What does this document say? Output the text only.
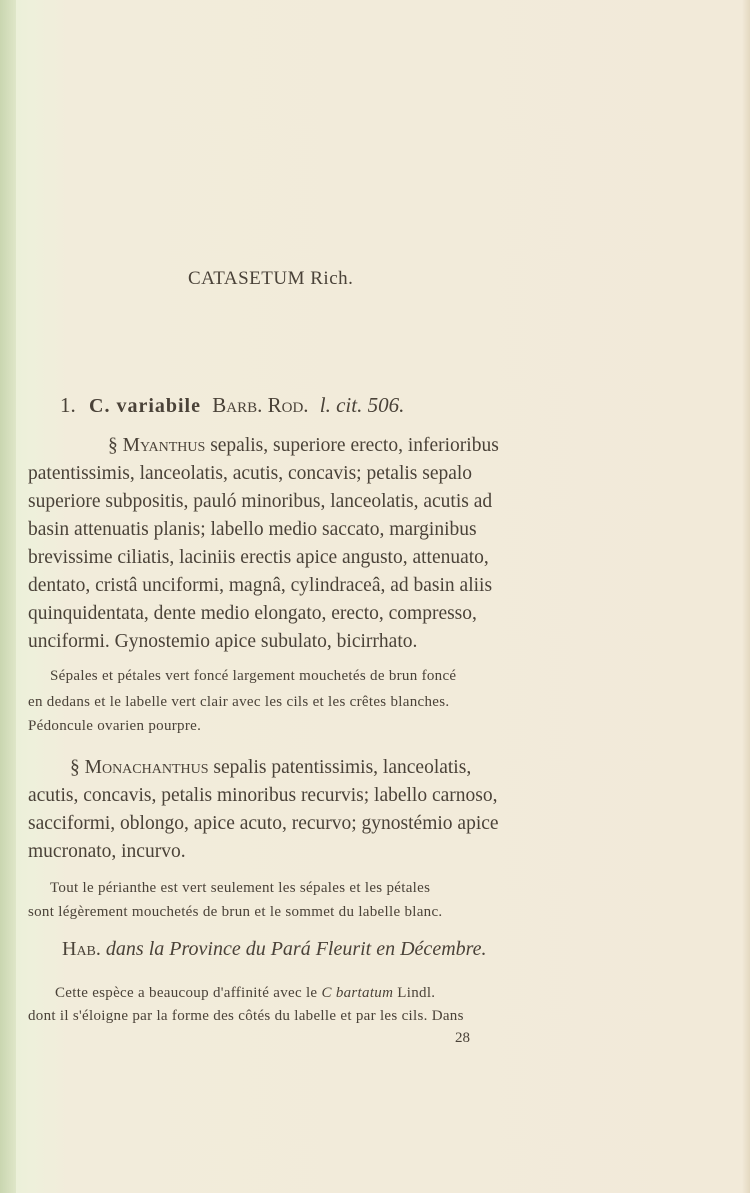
CATASETUM Rich.
1. C. variabile Barb. Rod. l. cit. 506.
§ Myanthus sepalis, superiore erecto, inferioribus
patentissimis, lanceolatis, acutis, concavis; petalis sepalo
superiore subpositis, pauló minoribus, lanceolatis, acutis ad
basin attenuatis planis; labello medio saccato, marginibus
brevissime ciliatis, laciniis erectis apice angusto, attenuato,
dentato, cristâ unciformi, magnâ, cylindraceâ, ad basin aliis
quinquidentata, dente medio elongato, erecto, compresso,
unciformi. Gynostemio apice subulato, bicirrhato.
Sépales et pétales vert foncé largement mouchetés de brun foncé
en dedans et le labelle vert clair avec les cils et les crêtes blanches.
Pédoncule ovarien pourpre.
§ Monachanthus sepalis patentissimis, lanceolatis,
acutis, concavis, petalis minoribus recurvis; labello carnoso,
sacciformi, oblongo, apice acuto, recurvo; gynostémio apice
mucronato, incurvo.
Tout le périanthe est vert seulement les sépales et les pétales
sont légèrement mouchetés de brun et le sommet du labelle blanc.
Hab. dans la Province du Pará Fleurit en Décembre.
Cette espèce a beaucoup d'affinité avec le C bartatum Lindl.
dont il s'éloigne par la forme des côtés du labelle et par les cils. Dans
28
